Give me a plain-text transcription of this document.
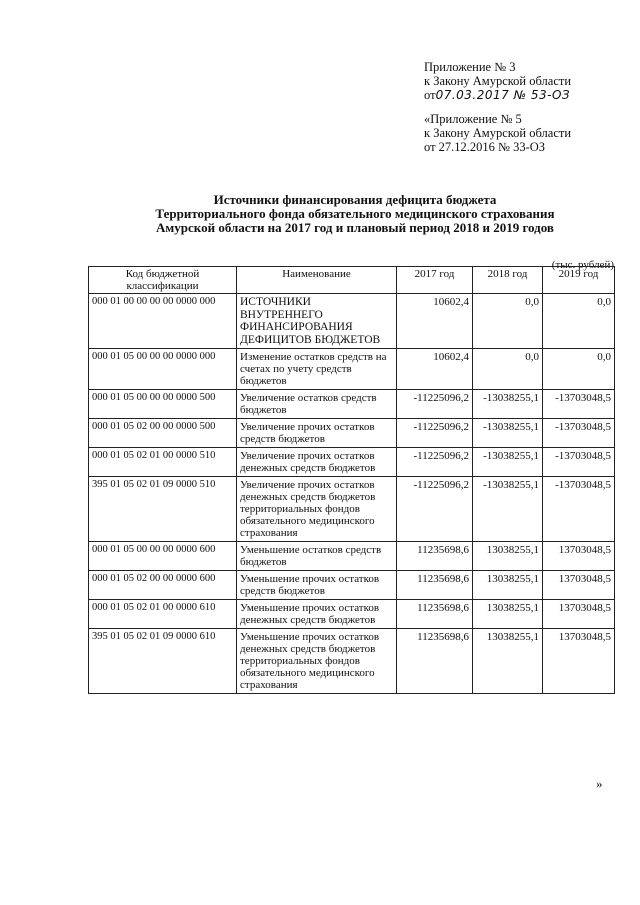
Приложение № 3
к Закону Амурской области
от07.03.2017 № 53-ОЗ
«Приложение № 5
к Закону Амурской области
от 27.12.2016 № 33-ОЗ
Источники финансирования дефицита бюджета
Территориального фонда обязательного медицинского страхования
Амурской области на 2017 год и плановый период 2018 и 2019 годов
(тыс. рублей)
Код бюджетной классификации	Наименование	2017 год	2018 год	2019 год
000 01 00 00 00 00 0000 000	ИСТОЧНИКИ ВНУТРЕННЕГО ФИНАНСИРОВАНИЯ ДЕФИЦИТОВ БЮДЖЕТОВ	10602,4	0,0	0,0
000 01 05 00 00 00 0000 000	Изменение остатков средств на счетах по учету средств бюджетов	10602,4	0,0	0,0
000 01 05 00 00 00 0000 500	Увеличение остатков средств бюджетов	-11225096,2	-13038255,1	-13703048,5
000 01 05 02 00 00 0000 500	Увеличение прочих остатков средств бюджетов	-11225096,2	-13038255,1	-13703048,5
000 01 05 02 01 00 0000 510	Увеличение прочих остатков денежных средств бюджетов	-11225096,2	-13038255,1	-13703048,5
395 01 05 02 01 09 0000 510	Увеличение прочих остатков денежных средств бюджетов территориальных фондов обязательного медицинского страхования	-11225096,2	-13038255,1	-13703048,5
000 01 05 00 00 00 0000 600	Уменьшение остатков средств бюджетов	11235698,6	13038255,1	13703048,5
000 01 05 02 00 00 0000 600	Уменьшение прочих остатков средств бюджетов	11235698,6	13038255,1	13703048,5
000 01 05 02 01 00 0000 610	Уменьшение прочих остатков денежных средств бюджетов	11235698,6	13038255,1	13703048,5
395 01 05 02 01 09 0000 610	Уменьшение прочих остатков денежных средств бюджетов территориальных фондов обязательного медицинского страхования	11235698,6	13038255,1	13703048,5
»
